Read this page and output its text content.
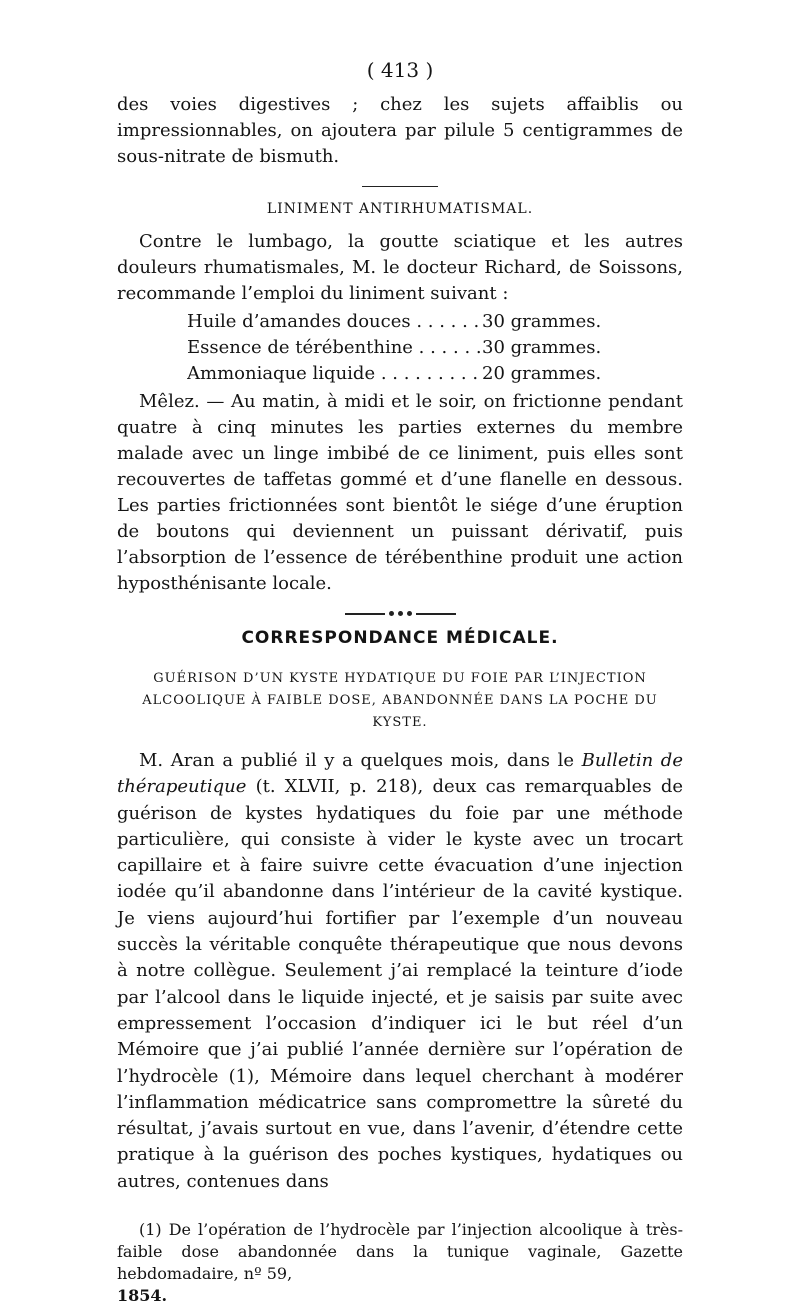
( 413 )

des voies digestives ; chez les sujets affaiblis ou impressionnables, on ajoutera par pilule 5 centigrammes de sous-nitrate de bismuth.

LINIMENT ANTIRHUMATISMAL.

Contre le lumbago, la goutte sciatique et les autres douleurs rhumatismales, M. le docteur Richard, de Soissons, recommande l’emploi du liniment suivant :

Huile d’amandes douces . . .	30 grammes.
Essence de térébenthine . . .	30 grammes.
Ammoniaque liquide . . .	20 grammes.

Mêlez. — Au matin, à midi et le soir, on frictionne pendant quatre à cinq minutes les parties externes du membre malade avec un linge imbibé de ce liniment, puis elles sont recouvertes de taffetas gommé et d’une flanelle en dessous. Les parties frictionnées sont bientôt le siége d’une éruption de boutons qui deviennent un puissant dérivatif, puis l’absorption de l’essence de térébenthine produit une action hyposthénisante locale.

CORRESPONDANCE MÉDICALE.
GUÉRISON D’UN KYSTE HYDATIQUE DU FOIE PAR L’INJECTION ALCOOLIQUE À FAIBLE DOSE, ABANDONNÉE DANS LA POCHE DU KYSTE.

M. Aran a publié il y a quelques mois, dans le Bulletin de thérapeutique (t. XLVII, p. 218), deux cas remarquables de guérison de kystes hydatiques du foie par une méthode particulière, qui consiste à vider le kyste avec un trocart capillaire et à faire suivre cette évacuation d’une injection iodée qu’il abandonne dans l’intérieur de la cavité kystique. Je viens aujourd’hui fortifier par l’exemple d’un nouveau succès la véritable conquête thérapeutique que nous devons à notre collègue. Seulement j’ai remplacé la teinture d’iode par l’alcool dans le liquide injecté, et je saisis par suite avec empressement l’occasion d’indiquer ici le but réel d’un Mémoire que j’ai publié l’année dernière sur l’opération de l’hydrocèle (1), Mémoire dans lequel cherchant à modérer l’inflammation médicatrice sans compromettre la sûreté du résultat, j’avais surtout en vue, dans l’avenir, d’étendre cette pratique à la guérison des poches kystiques, hydatiques ou autres, contenues dans

(1) De l’opération de l’hydrocèle par l’injection alcoolique à très-faible dose abandonnée dans la tunique vaginale, Gazette hebdomadaire, nº 59,

1854.
